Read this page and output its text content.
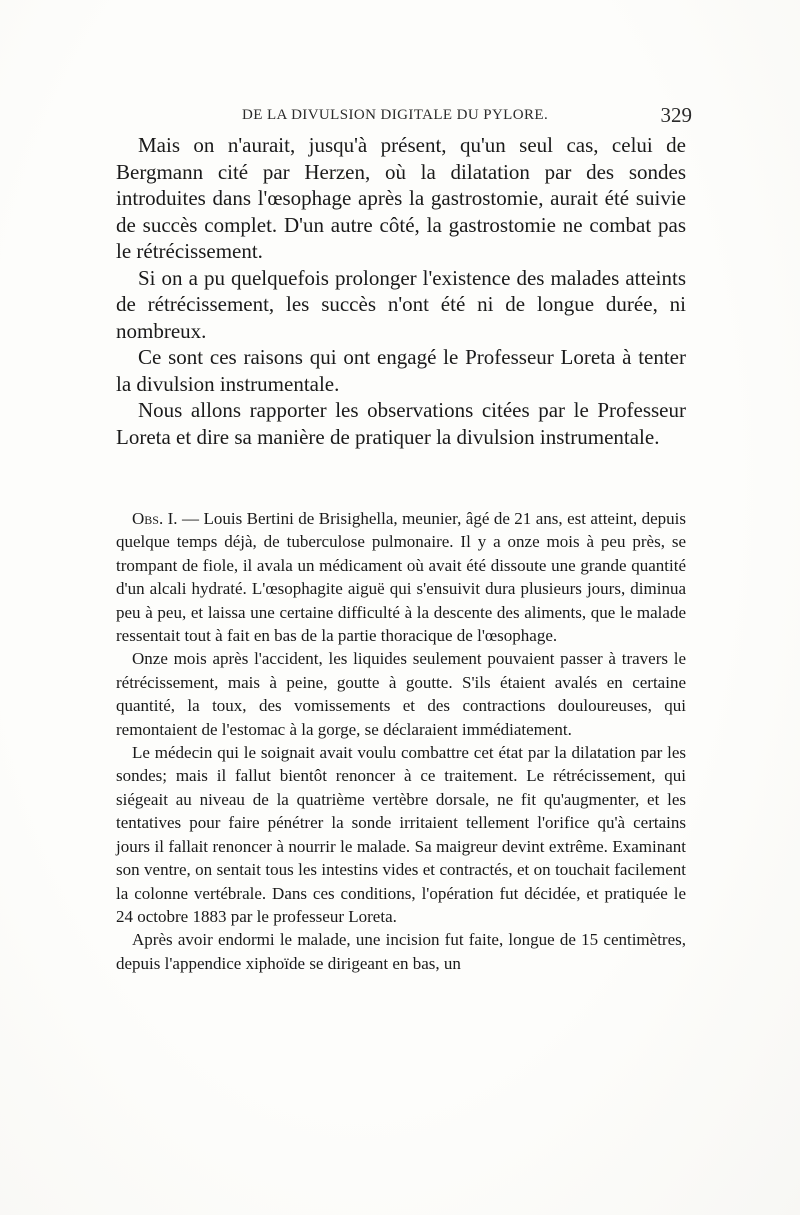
DE LA DIVULSION DIGITALE DU PYLORE.	329

Mais on n'aurait, jusqu'à présent, qu'un seul cas, celui de Bergmann cité par Herzen, où la dilatation par des sondes introduites dans l'œsophage après la gastrostomie, aurait été suivie de succès complet. D'un autre côté, la gastrostomie ne combat pas le rétrécissement.

Si on a pu quelquefois prolonger l'existence des malades atteints de rétrécissement, les succès n'ont été ni de longue durée, ni nombreux.

Ce sont ces raisons qui ont engagé le Professeur Loreta à tenter la divulsion instrumentale.

Nous allons rapporter les observations citées par le Professeur Loreta et dire sa manière de pratiquer la divulsion instrumentale.

Obs. I. — Louis Bertini de Brisighella, meunier, âgé de 21 ans, est atteint, depuis quelque temps déjà, de tuberculose pulmonaire. Il y a onze mois à peu près, se trompant de fiole, il avala un médicament où avait été dissoute une grande quantité d'un alcali hydraté. L'œsophagite aiguë qui s'ensuivit dura plusieurs jours, diminua peu à peu, et laissa une certaine difficulté à la descente des aliments, que le malade ressentait tout à fait en bas de la partie thoracique de l'œsophage.

Onze mois après l'accident, les liquides seulement pouvaient passer à travers le rétrécissement, mais à peine, goutte à goutte. S'ils étaient avalés en certaine quantité, la toux, des vomissements et des contractions douloureuses, qui remontaient de l'estomac à la gorge, se déclaraient immédiatement.

Le médecin qui le soignait avait voulu combattre cet état par la dilatation par les sondes; mais il fallut bientôt renoncer à ce traitement. Le rétrécissement, qui siégeait au niveau de la quatrième vertèbre dorsale, ne fit qu'augmenter, et les tentatives pour faire pénétrer la sonde irritaient tellement l'orifice qu'à certains jours il fallait renoncer à nourrir le malade. Sa maigreur devint extrême. Examinant son ventre, on sentait tous les intestins vides et contractés, et on touchait facilement la colonne vertébrale. Dans ces conditions, l'opération fut décidée, et pratiquée le 24 octobre 1883 par le professeur Loreta.

Après avoir endormi le malade, une incision fut faite, longue de 15 centimètres, depuis l'appendice xiphoïde se dirigeant en bas, un
